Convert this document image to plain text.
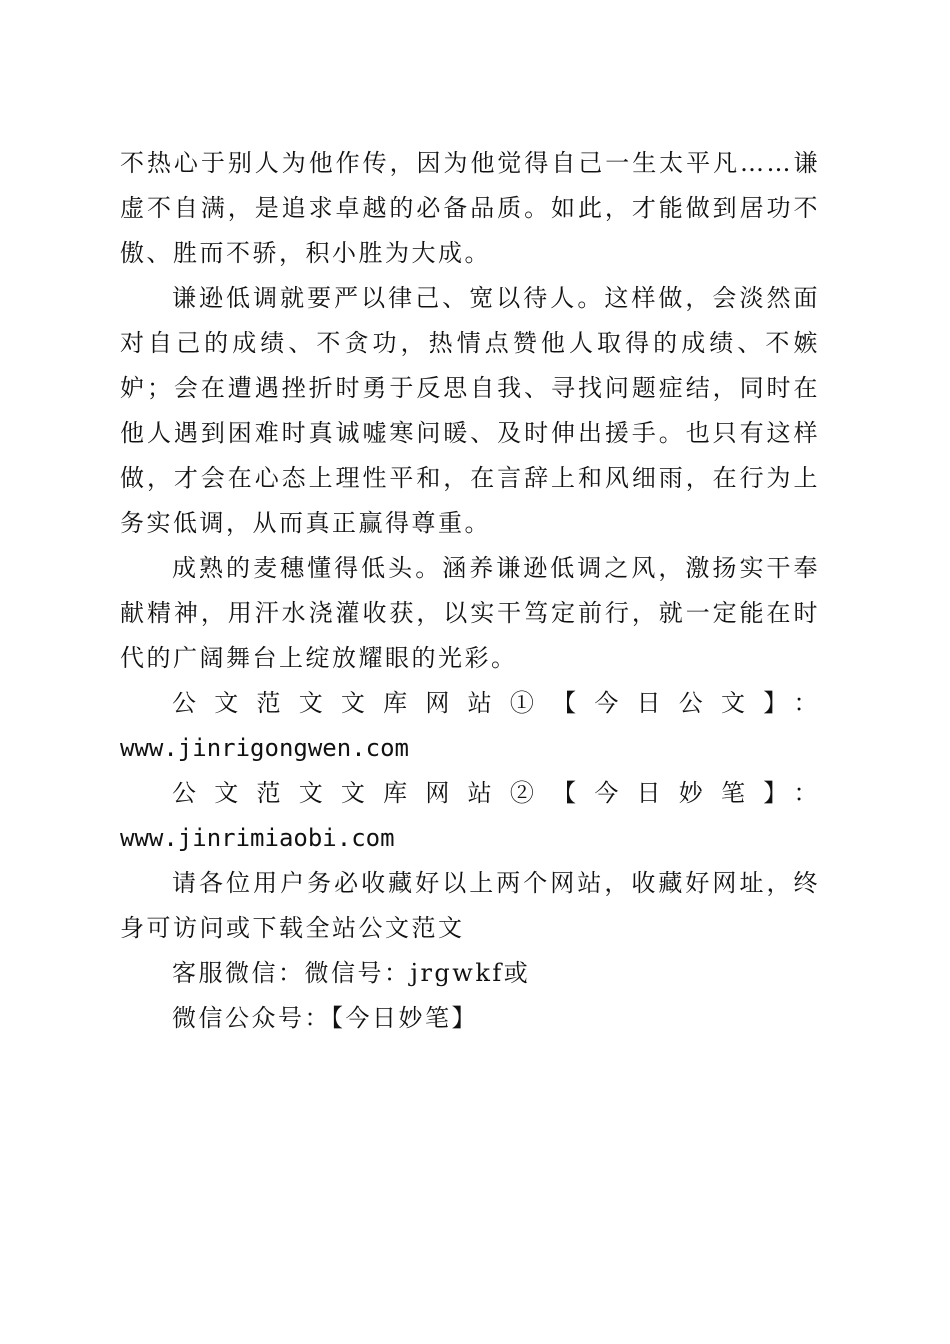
不热心于别人为他作传，因为他觉得自己一生太平凡……谦虚不自满，是追求卓越的必备品质。如此，才能做到居功不傲、胜而不骄，积小胜为大成。

谦逊低调就要严以律己、宽以待人。这样做，会淡然面对自己的成绩、不贪功，热情点赞他人取得的成绩、不嫉妒；会在遭遇挫折时勇于反思自我、寻找问题症结，同时在他人遇到困难时真诚嘘寒问暖、及时伸出援手。也只有这样做，才会在心态上理性平和，在言辞上和风细雨，在行为上务实低调，从而真正赢得尊重。

成熟的麦穗懂得低头。涵养谦逊低调之风，激扬实干奉献精神，用汗水浇灌收获，以实干笃定前行，就一定能在时代的广阔舞台上绽放耀眼的光彩。

公文范文文库网站①【今日公文】：

www.jinrigongwen.com

公文范文文库网站②【今日妙笔】：www.jinrimiaobi.com

请各位用户务必收藏好以上两个网站，收藏好网址，终身可访问或下载全站公文范文

客服微信：微信号：jrgwkf或

微信公众号：【今日妙笔】
